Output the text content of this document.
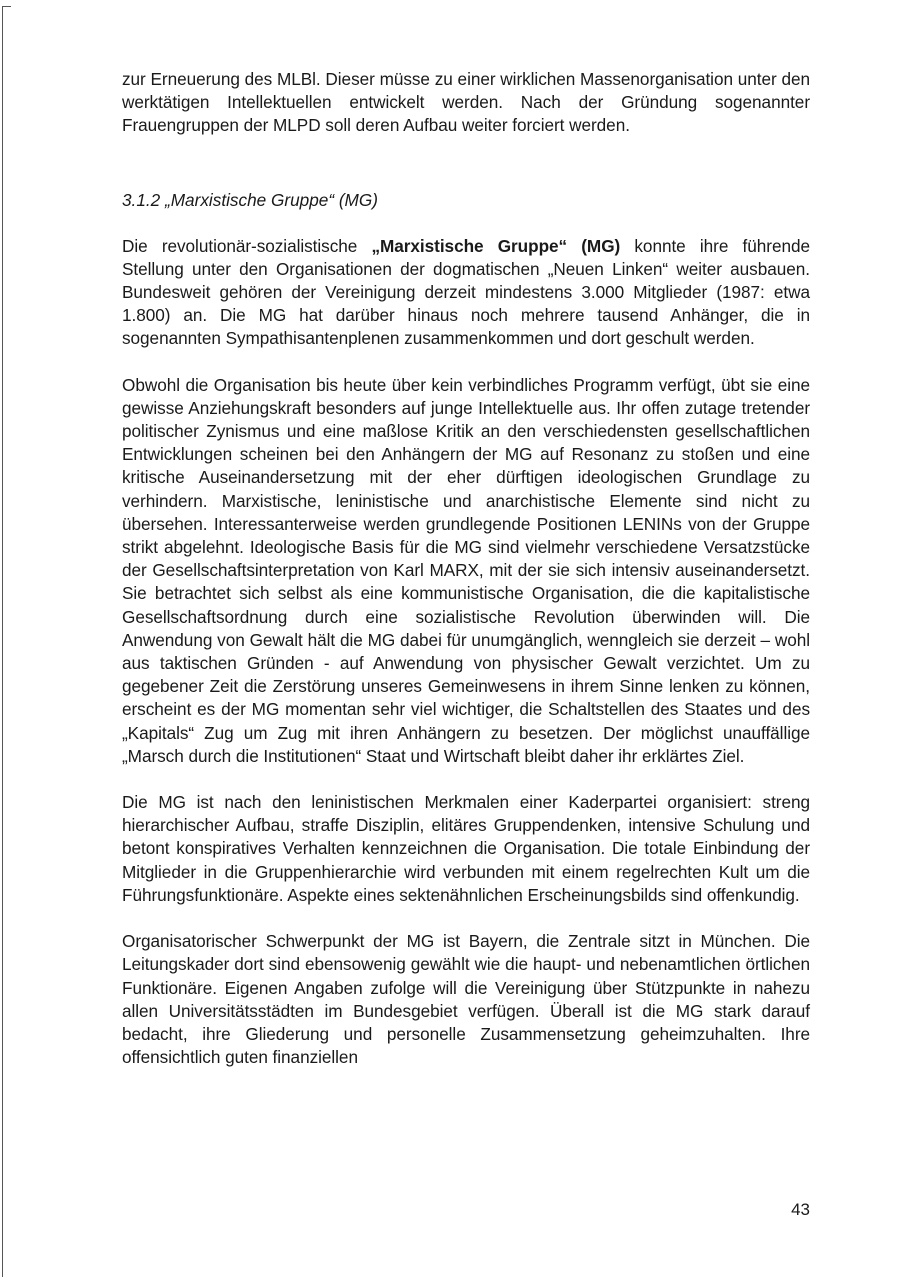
zur Erneuerung des MLBl. Dieser müsse zu einer wirklichen Massenorganisation unter den werktätigen Intellektuellen entwickelt werden. Nach der Gründung sogenannter Frauengruppen der MLPD soll deren Aufbau weiter forciert werden.

3.1.2 „Marxistische Gruppe“ (MG)

Die revolutionär-sozialistische „Marxistische Gruppe“ (MG) konnte ihre führende Stellung unter den Organisationen der dogmatischen „Neuen Linken“ weiter ausbauen. Bundesweit gehören der Vereinigung derzeit mindestens 3.000 Mitglieder (1987: etwa 1.800) an. Die MG hat darüber hinaus noch mehrere tausend Anhänger, die in sogenannten Sympathisantenplenen zusammenkommen und dort geschult werden.

Obwohl die Organisation bis heute über kein verbindliches Programm verfügt, übt sie eine gewisse Anziehungskraft besonders auf junge Intellektuelle aus. Ihr offen zutage tretender politischer Zynismus und eine maßlose Kritik an den verschiedensten gesellschaftlichen Entwicklungen scheinen bei den Anhängern der MG auf Resonanz zu stoßen und eine kritische Auseinandersetzung mit der eher dürftigen ideologischen Grundlage zu verhindern. Marxistische, leninistische und anarchistische Elemente sind nicht zu übersehen. Interessanterweise werden grundlegende Positionen LENINs von der Gruppe strikt abgelehnt. Ideologische Basis für die MG sind vielmehr verschiedene Versatzstücke der Gesellschaftsinterpretation von Karl MARX, mit der sie sich intensiv auseinandersetzt. Sie betrachtet sich selbst als eine kommunistische Organisation, die die kapitalistische Gesellschaftsordnung durch eine sozialistische Revolution überwinden will. Die Anwendung von Gewalt hält die MG dabei für unumgänglich, wenngleich sie derzeit – wohl aus taktischen Gründen - auf Anwendung von physischer Gewalt verzichtet. Um zu gegebener Zeit die Zerstörung unseres Gemeinwesens in ihrem Sinne lenken zu können, erscheint es der MG momentan sehr viel wichtiger, die Schaltstellen des Staates und des „Kapitals“ Zug um Zug mit ihren Anhängern zu besetzen. Der möglichst unauffällige „Marsch durch die Institutionen“ Staat und Wirtschaft bleibt daher ihr erklärtes Ziel.

Die MG ist nach den leninistischen Merkmalen einer Kaderpartei organisiert: streng hierarchischer Aufbau, straffe Disziplin, elitäres Gruppendenken, intensive Schulung und betont konspiratives Verhalten kennzeichnen die Organisation. Die totale Einbindung der Mitglieder in die Gruppenhierarchie wird verbunden mit einem regelrechten Kult um die Führungsfunktionäre. Aspekte eines sektenähnlichen Erscheinungsbilds sind offenkundig.

Organisatorischer Schwerpunkt der MG ist Bayern, die Zentrale sitzt in München. Die Leitungskader dort sind ebensowenig gewählt wie die haupt- und nebenamtlichen örtlichen Funktionäre. Eigenen Angaben zufolge will die Vereinigung über Stützpunkte in nahezu allen Universitätsstädten im Bundesgebiet verfügen. Überall ist die MG stark darauf bedacht, ihre Gliederung und personelle Zusammensetzung geheimzuhalten. Ihre offensichtlich guten finanziellen

43
